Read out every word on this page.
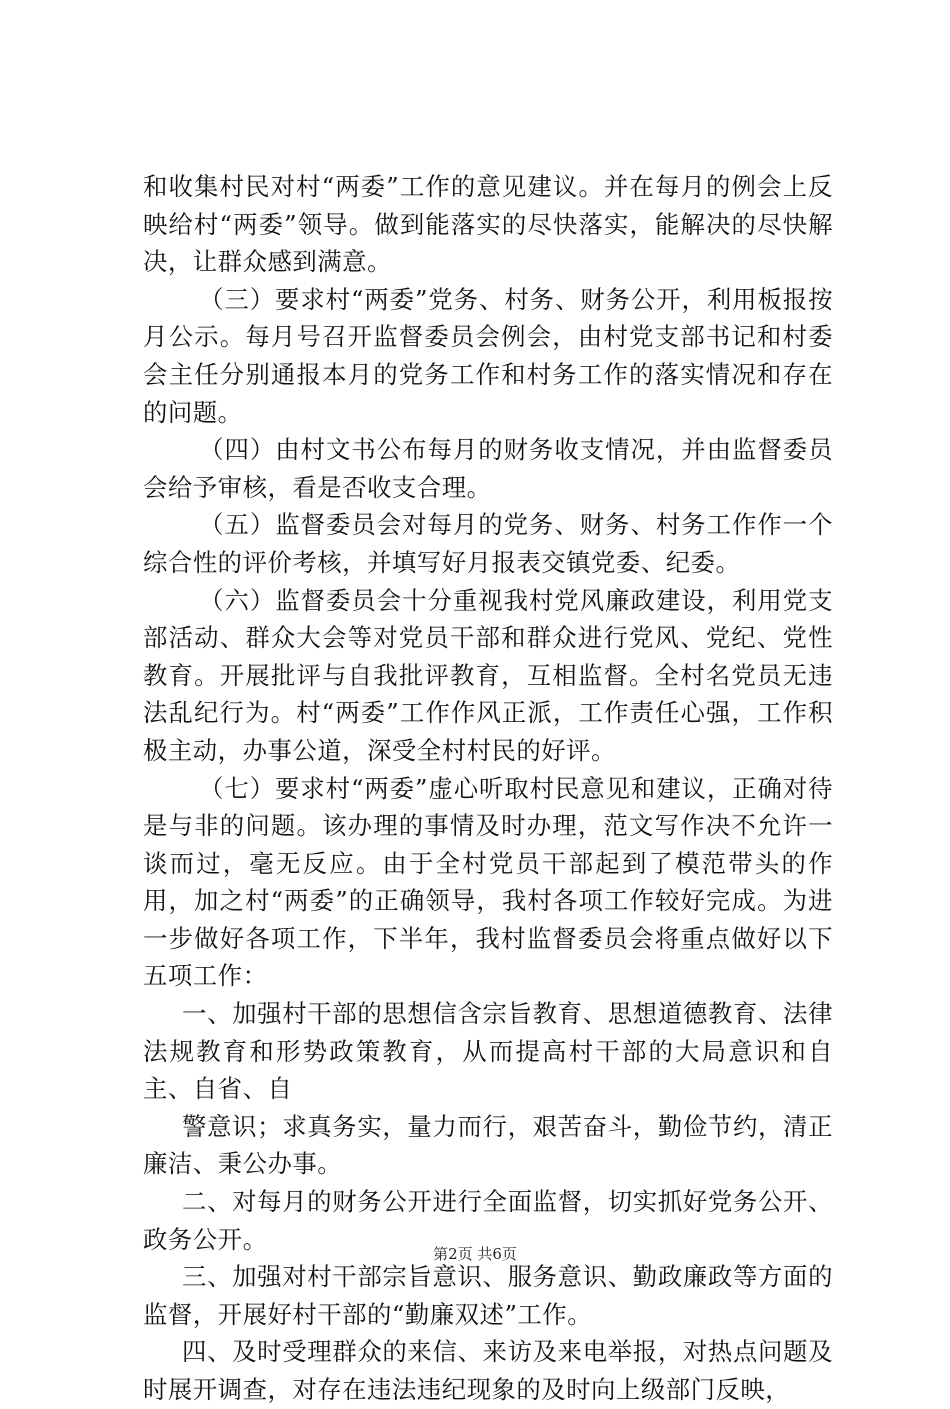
和收集村民对村“两委”工作的意见建议。并在每月的例会上反映给村“两委”领导。做到能落实的尽快落实，能解决的尽快解决，让群众感到满意。

（三）要求村“两委”党务、村务、财务公开，利用板报按月公示。每月号召开监督委员会例会，由村党支部书记和村委会主任分别通报本月的党务工作和村务工作的落实情况和存在的问题。

（四）由村文书公布每月的财务收支情况，并由监督委员会给予审核，看是否收支合理。

（五）监督委员会对每月的党务、财务、村务工作作一个综合性的评价考核，并填写好月报表交镇党委、纪委。

（六）监督委员会十分重视我村党风廉政建设，利用党支部活动、群众大会等对党员干部和群众进行党风、党纪、党性教育。开展批评与自我批评教育，互相监督。全村名党员无违法乱纪行为。村“两委”工作作风正派，工作责任心强，工作积极主动，办事公道，深受全村村民的好评。

（七）要求村“两委”虚心听取村民意见和建议，正确对待是与非的问题。该办理的事情及时办理，范文写作决不允许一谈而过，毫无反应。由于全村党员干部起到了模范带头的作用，加之村“两委”的正确领导，我村各项工作较好完成。为进一步做好各项工作，下半年，我村监督委员会将重点做好以下五项工作：

一、加强村干部的思想信含宗旨教育、思想道德教育、法律法规教育和形势政策教育，从而提高村干部的大局意识和自主、自省、自

警意识；求真务实，量力而行，艰苦奋斗，勤俭节约，清正廉洁、秉公办事。

二、对每月的财务公开进行全面监督，切实抓好党务公开、政务公开。

三、加强对村干部宗旨意识、服务意识、勤政廉政等方面的监督，开展好村干部的“勤廉双述”工作。

四、及时受理群众的来信、来访及来电举报，对热点问题及时展开调查，对存在违法违纪现象的及时向上级部门反映，

第2页 共6页
